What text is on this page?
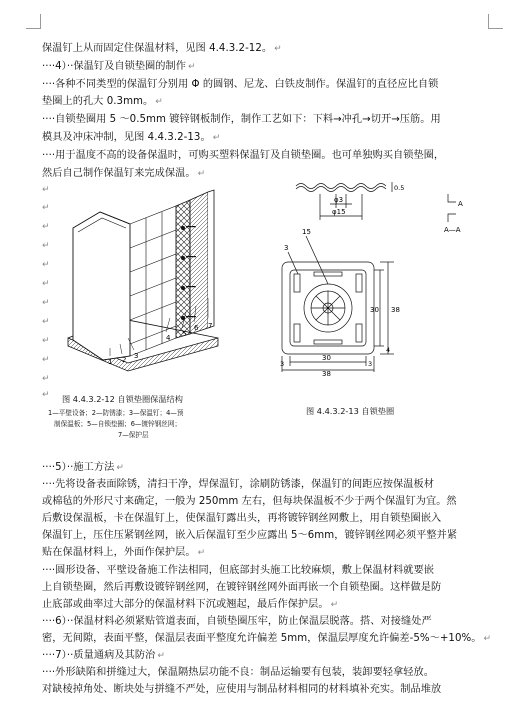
保温钉上从而固定住保温材料，见图 4.4.3.2-12。 ↵
····4）··保温钉及自锁垫圈的制作 ↵
····各种不同类型的保温钉分别用 Φ 的圆钢、尼龙、白铁皮制作。保温钉的直径应比自锁
垫圈上的孔大 0.3mm。 ↵
····自锁垫圈用 5 ～0.5mm 镀锌钢板制作，制作工艺如下：下料→冲孔→切开→压筋。用
模具及冲床冲制，见图 4.4.3.2-13。 ↵
····用于温度不高的设备保温时，可购买塑料保温钉及自锁垫圈。也可单独购买自锁垫圈，
然后自己制作保温钉来完成保温。 ↵
↵
↵
↵
↵
↵
↵
↵
↵
↵
↵
↵
↵
7
6
5
4
3
2
1
图 4.4.3.2-12 自锁垫圈保温结构
1—平壁设备；2—防锈漆；3—保温钉；4—预
制保温板；5—自锁垫圈；6—镀锌钢丝网；
7—保护层
φ3
φ15
0.5
A—A
A
15
3
38
30
4
3
30
3
38
图 4.4.3.2-13 自锁垫圈
····5）··施工方法 ↵
····先将设备表面除锈，清扫干净，焊保温钉，涂刷防锈漆，保温钉的间距应按保温板材
或棉毡的外形尺寸来确定，一般为 250mm 左右，但每块保温板不少于两个保温钉为宜。然
后敷设保温板，卡在保温钉上，使保温钉露出头，再将镀锌钢丝网敷上，用自锁垫圈嵌入
保温钉上，压住压紧钢丝网，嵌入后保温钉至少应露出 5～6mm，镀锌钢丝网必须平整并紧
贴在保温材料上，外面作保护层。 ↵
····圆形设备、平壁设备施工作法相同，但底部封头施工比较麻烦，敷上保温材料就要嵌
上自锁垫圈，然后再敷设镀锌钢丝网，在镀锌钢丝网外面再嵌一个自锁垫圈。这样做是防
止底部或曲率过大部分的保温材料下沉或翘起，最后作保护层。 ↵
····6）··保温材料必须紧贴管道表面，自锁垫圈压牢，防止保温层脱落。搭、对接缝处严
密，无间隙，表面平整，保温层表面平整度允许偏差 5mm，保温层厚度允许偏差-5%～+10%。 ↵
····7）··质量通病及其防治 ↵
····外形缺陷和拼缝过大，保温隔热层功能不良：制品运输要有包装，装卸要轻拿轻放。
对缺棱掉角处、断块处与拼缝不严处，应使用与制品材料相同的材料填补充实。制品堆放
